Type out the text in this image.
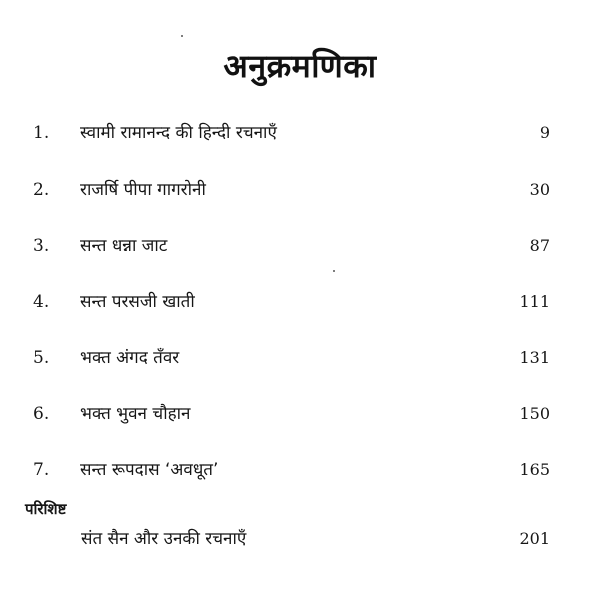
अनुक्रमणिका
1. स्वामी रामानन्द की हिन्दी रचनाएँ	9
2. राजर्षि पीपा गागरोनी	30
3. सन्त धन्ना जाट	87
4. सन्त परसजी खाती	111
5. भक्त अंगद तँवर	131
6. भक्त भुवन चौहान	150
7. सन्त रूपदास ‘अवधूत’	165
परिशिष्ट
संत सैन और उनकी रचनाएँ	201
